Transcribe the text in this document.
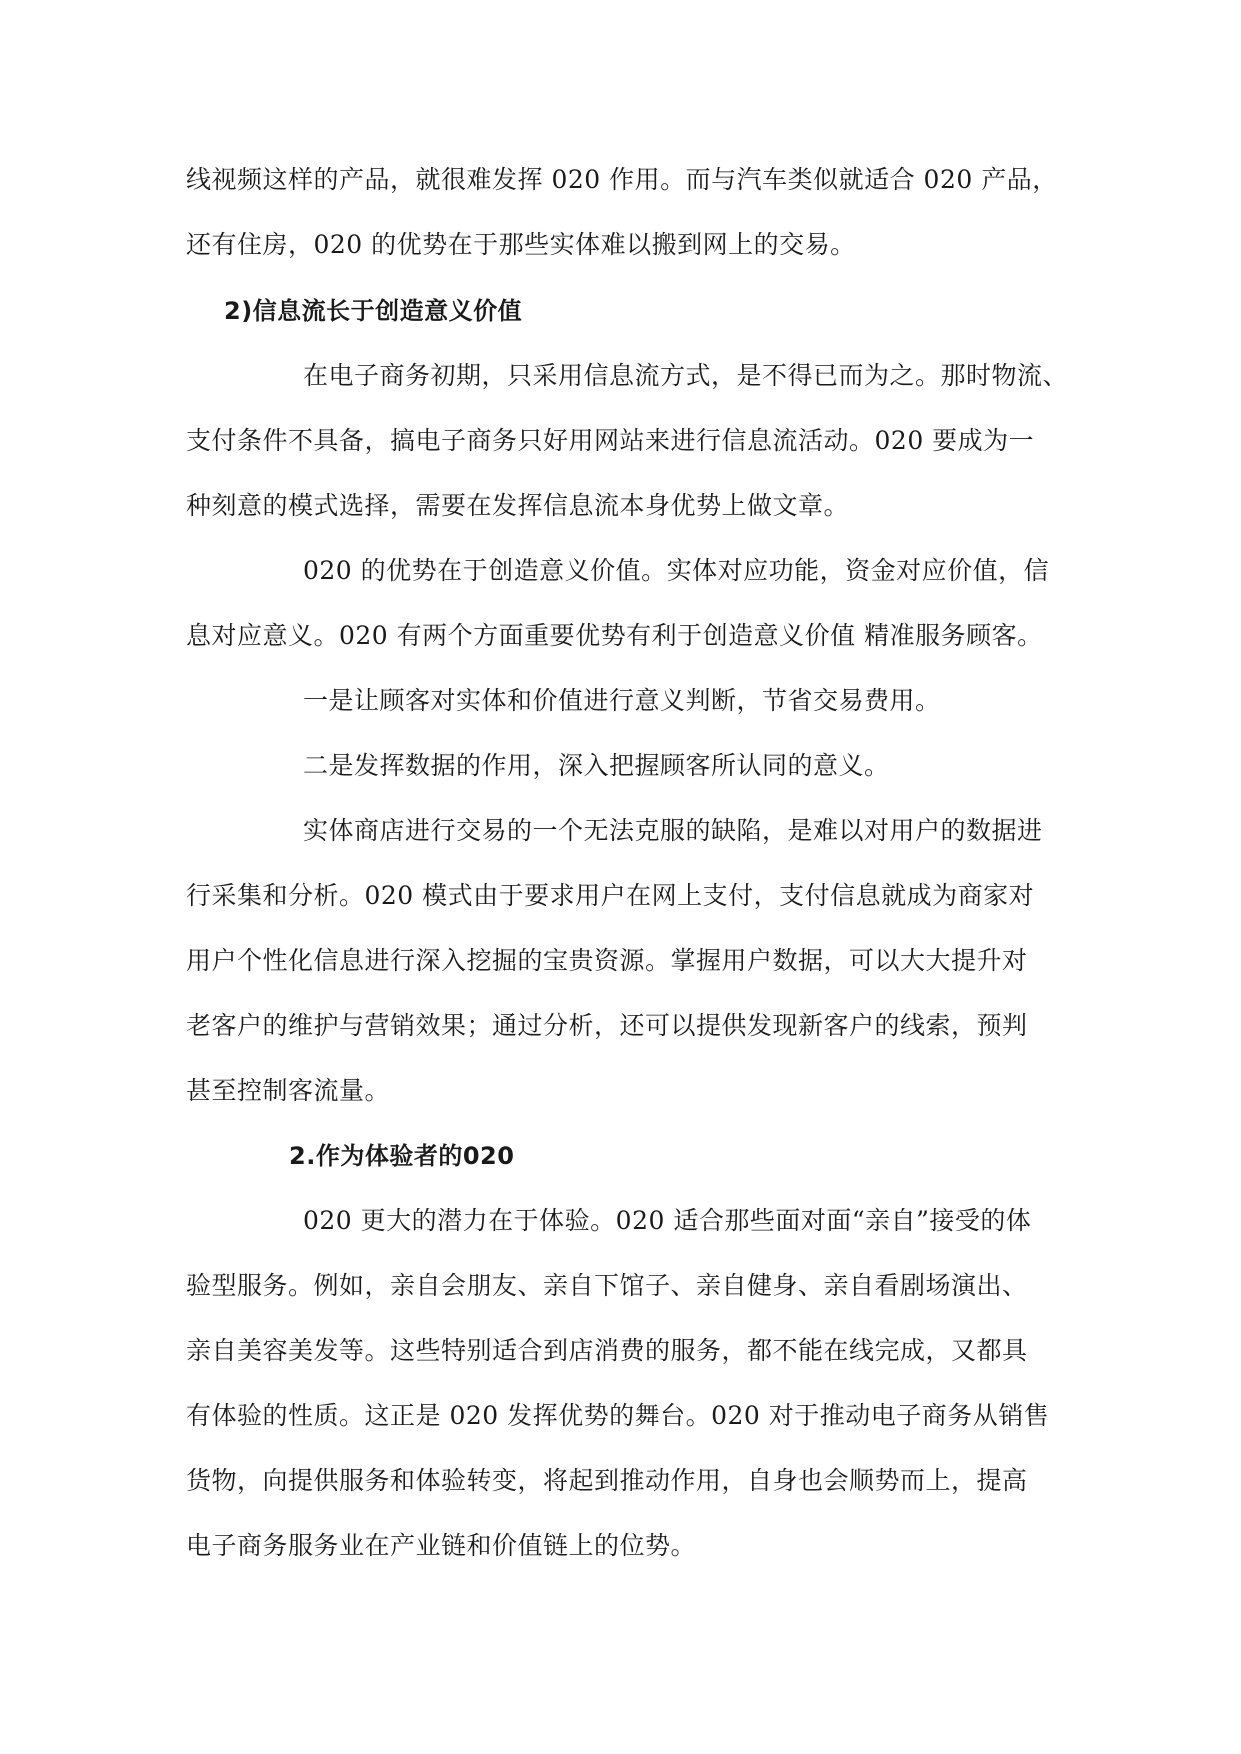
线视频这样的产品，就很难发挥 020 作用。而与汽车类似就适合 020 产品，
还有住房，020 的优势在于那些实体难以搬到网上的交易。
2)信息流长于创造意义价值
在电子商务初期，只采用信息流方式，是不得已而为之。那时物流、
支付条件不具备，搞电子商务只好用网站来进行信息流活动。020 要成为一
种刻意的模式选择，需要在发挥信息流本身优势上做文章。
020 的优势在于创造意义价值。实体对应功能，资金对应价值，信
息对应意义。020 有两个方面重要优势有利于创造意义价值 精准服务顾客。
一是让顾客对实体和价值进行意义判断，节省交易费用。
二是发挥数据的作用，深入把握顾客所认同的意义。
实体商店进行交易的一个无法克服的缺陷，是难以对用户的数据进
行采集和分析。020 模式由于要求用户在网上支付，支付信息就成为商家对
用户个性化信息进行深入挖掘的宝贵资源。掌握用户数据，可以大大提升对
老客户的维护与营销效果；通过分析，还可以提供发现新客户的线索，预判
甚至控制客流量。
2.作为体验者的020
020 更大的潜力在于体验。020 适合那些面对面“亲自”接受的体
验型服务。例如，亲自会朋友、亲自下馆子、亲自健身、亲自看剧场演出、
亲自美容美发等。这些特别适合到店消费的服务，都不能在线完成，又都具
有体验的性质。这正是 020 发挥优势的舞台。020 对于推动电子商务从销售
货物，向提供服务和体验转变，将起到推动作用，自身也会顺势而上，提高
电子商务服务业在产业链和价值链上的位势。
